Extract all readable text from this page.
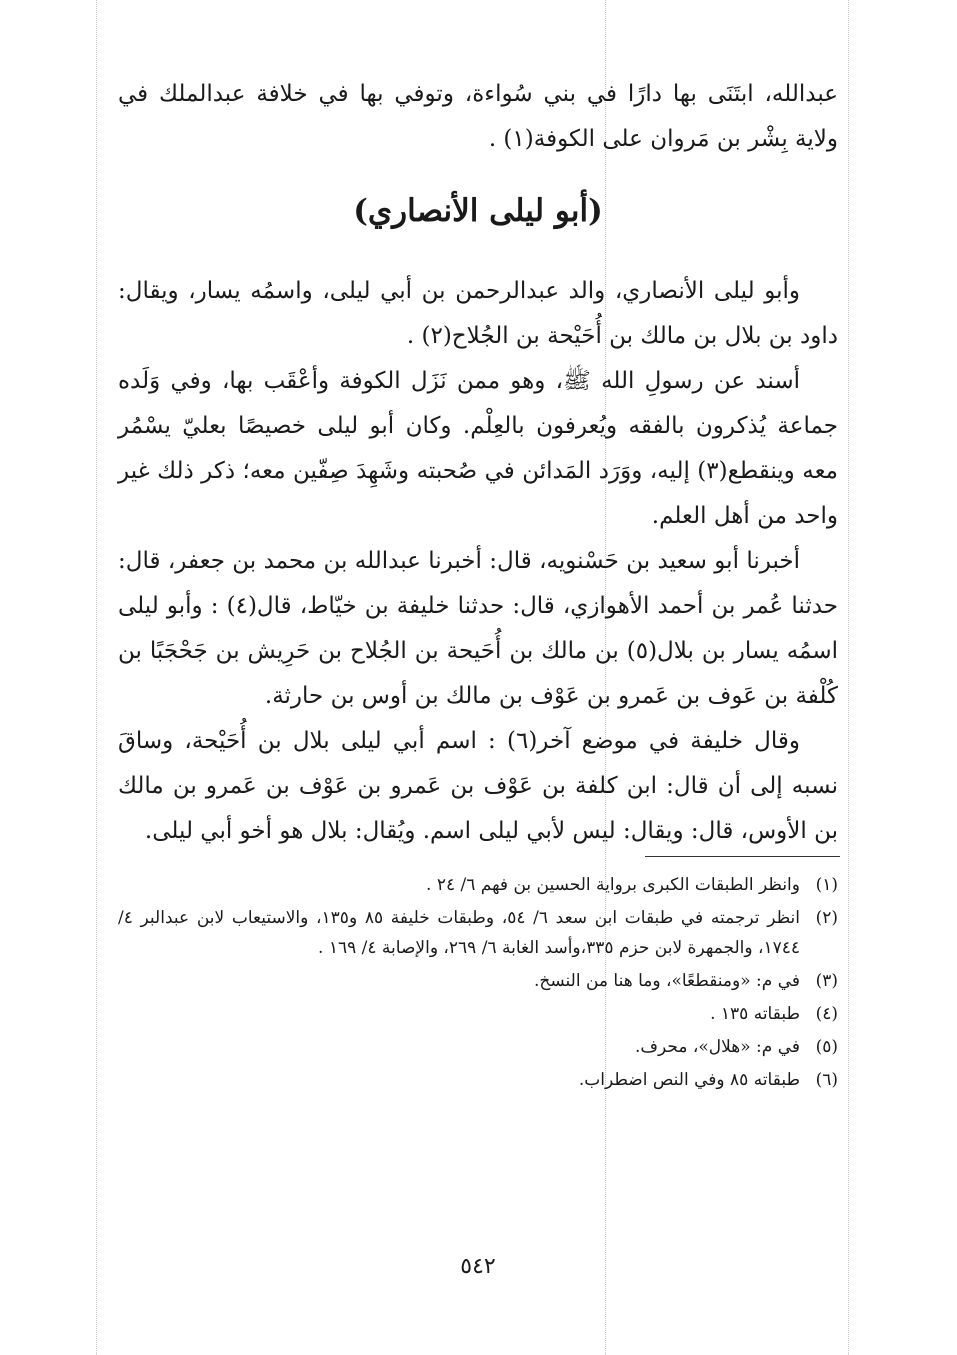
عبدالله، ابتَنَى بها دارًا في بني سُواءة، وتوفي بها في خلافة عبدالملك في ولاية بِشْر بن مَروان على الكوفة(١) .

(أبو ليلى الأنصاري)

وأبو ليلى الأنصاري، والد عبدالرحمن بن أبي ليلى، واسمُه يسار، ويقال: داود بن بلال بن مالك بن أُحَيْحة بن الجُلاح(٢) .

أسند عن رسولِ الله ﷺ، وهو ممن نَزَل الكوفة وأعْقَب بها، وفي وَلَده جماعة يُذكرون بالفقه ويُعرفون بالعِلْم. وكان أبو ليلى خصيصًا بعليّ يسْمُر معه وينقطع(٣) إليه، ووَرَد المَدائن في صُحبته وشَهِدَ صِفّين معه؛ ذكر ذلك غير واحد من أهل العلم.

أخبرنا أبو سعيد بن حَسْنويه، قال: أخبرنا عبدالله بن محمد بن جعفر، قال: حدثنا عُمر بن أحمد الأهوازي، قال: حدثنا خليفة بن خيّاط، قال(٤) : وأبو ليلى اسمُه يسار بن بلال(٥) بن مالك بن أُحَيحة بن الجُلاح بن حَرِيش بن جَحْجَبًا بن كُلْفة بن عَوف بن عَمرو بن عَوْف بن مالك بن أوس بن حارثة.

وقال خليفة في موضع آخر(٦) : اسم أبي ليلى بلال بن أُحَيْحة، وساقَ نسبه إلى أن قال: ابن كلفة بن عَوْف بن عَمرو بن عَوْف بن عَمرو بن مالك بن الأوس، قال: ويقال: ليس لأبي ليلى اسم. ويُقال: بلال هو أخو أبي ليلى.

(١)
وانظر الطبقات الكبرى برواية الحسين بن فهم ٦/ ٢٤ .
(٢)
انظر ترجمته في طبقات ابن سعد ٦/ ٥٤، وطبقات خليفة ٨٥ و١٣٥، والاستيعاب لابن عبدالبر ٤/ ١٧٤٤، والجمهرة لابن حزم ٣٣٥،وأسد الغابة ٦/ ٢٦٩، والإصابة ٤/ ١٦٩ .
(٣)
في م: «ومنقطعًا»، وما هنا من النسخ.
(٤)
طبقاته ١٣٥ .
(٥)
في م: «هلال»، محرف.
(٦)
طبقاته ٨٥ وفي النص اضطراب.
٥٤٢
